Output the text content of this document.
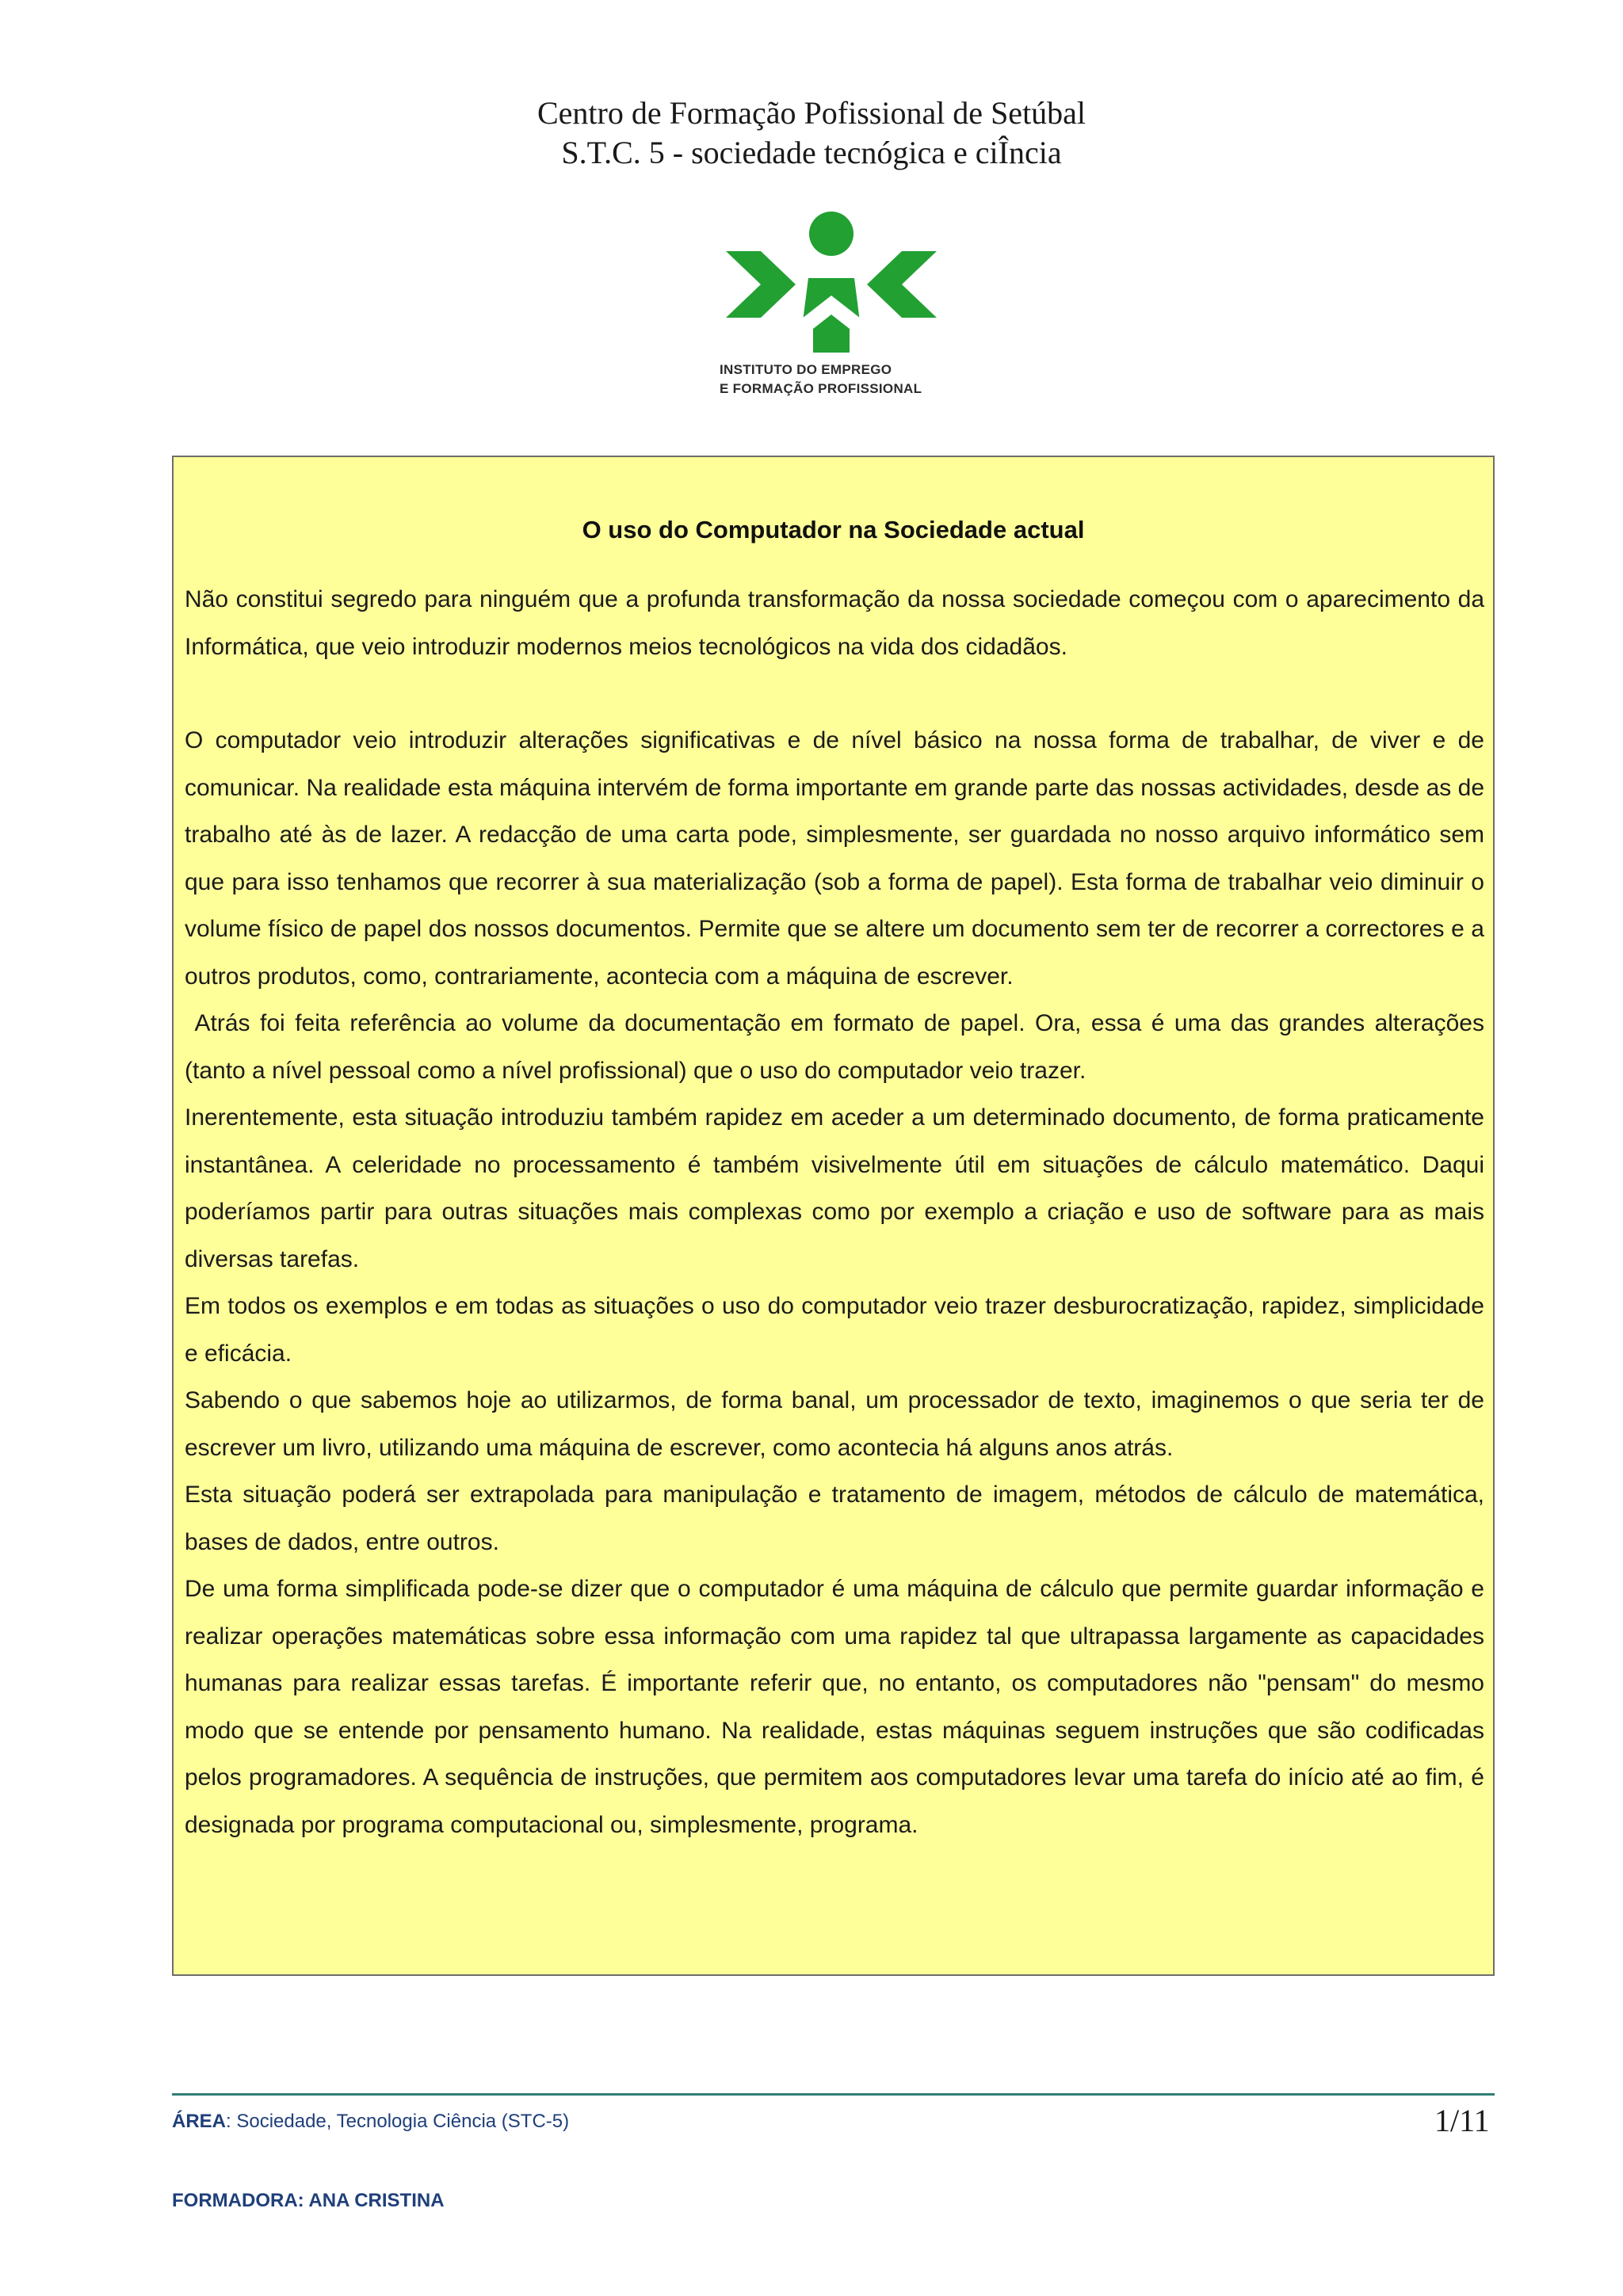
Centro de Formação Pofissional de Setúbal
S.T.C. 5 - sociedade tecnógica e ciÎncia
INSTITUTO DO EMPREGO
E FORMAÇÃO PROFISSIONAL
O uso do Computador na Sociedade actual

Não constitui segredo para ninguém que a profunda transformação da nossa sociedade começou com o aparecimento da Informática, que veio introduzir modernos meios tecnológicos na vida dos cidadãos.

O computador veio introduzir alterações significativas e de nível básico na nossa forma de trabalhar, de viver e de comunicar. Na realidade esta máquina intervém de forma importante em grande parte das nossas actividades, desde as de trabalho até às de lazer. A redacção de uma carta pode, simplesmente, ser guardada no nosso arquivo informático sem que para isso tenhamos que recorrer à sua materialização (sob a forma de papel). Esta forma de trabalhar veio diminuir o volume físico de papel dos nossos documentos. Permite que se altere um documento sem ter de recorrer a correctores e a outros produtos, como, contrariamente, acontecia com a máquina de escrever.

Atrás foi feita referência ao volume da documentação em formato de papel. Ora, essa é uma das grandes alterações (tanto a nível pessoal como a nível profissional) que o uso do computador veio trazer.

Inerentemente, esta situação introduziu também rapidez em aceder a um determinado documento, de forma praticamente instantânea. A celeridade no processamento é também visivelmente útil em situações de cálculo matemático. Daqui poderíamos partir para outras situações mais complexas como por exemplo a criação e uso de software para as mais diversas tarefas.

Em todos os exemplos e em todas as situações o uso do computador veio trazer desburocratização, rapidez, simplicidade e eficácia.

Sabendo o que sabemos hoje ao utilizarmos, de forma banal, um processador de texto, imaginemos o que seria ter de escrever um livro, utilizando uma máquina de escrever, como acontecia há alguns anos atrás.

Esta situação poderá ser extrapolada para manipulação e tratamento de imagem, métodos de cálculo de matemática, bases de dados, entre outros.

De uma forma simplificada pode-se dizer que o computador é uma máquina de cálculo que permite guardar informação e realizar operações matemáticas sobre essa informação com uma rapidez tal que ultrapassa largamente as capacidades humanas para realizar essas tarefas. É importante referir que, no entanto, os computadores não "pensam" do mesmo modo que se entende por pensamento humano. Na realidade, estas máquinas seguem instruções que são codificadas pelos programadores. A sequência de instruções, que permitem aos computadores levar uma tarefa do início até ao fim, é designada por programa computacional ou, simplesmente, programa.

ÁREA: Sociedade, Tecnologia Ciência (STC-5)	1/11
FORMADORA: ANA CRISTINA
